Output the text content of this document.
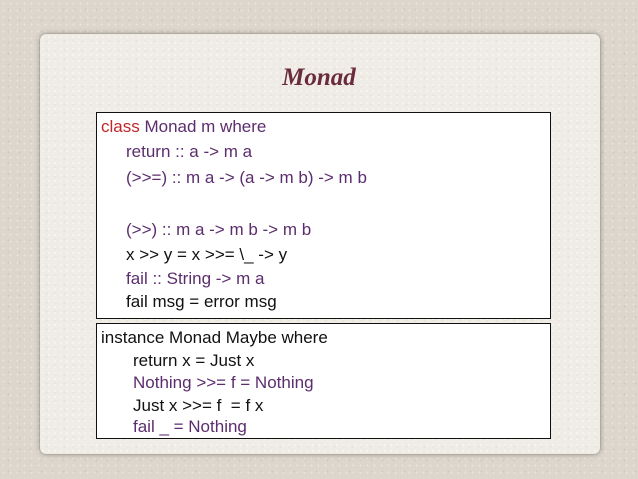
Monad
class Monad m where
return :: a -> m a
(>>=) :: m a -> (a -> m b) -> m b
(>>) :: m a -> m b -> m b
x >> y = x >>= \_ -> y
fail :: String -> m a
fail msg = error msg
instance Monad Maybe where
return x = Just x
Nothing >>= f = Nothing
Just x >>= f  = f x
fail _ = Nothing
